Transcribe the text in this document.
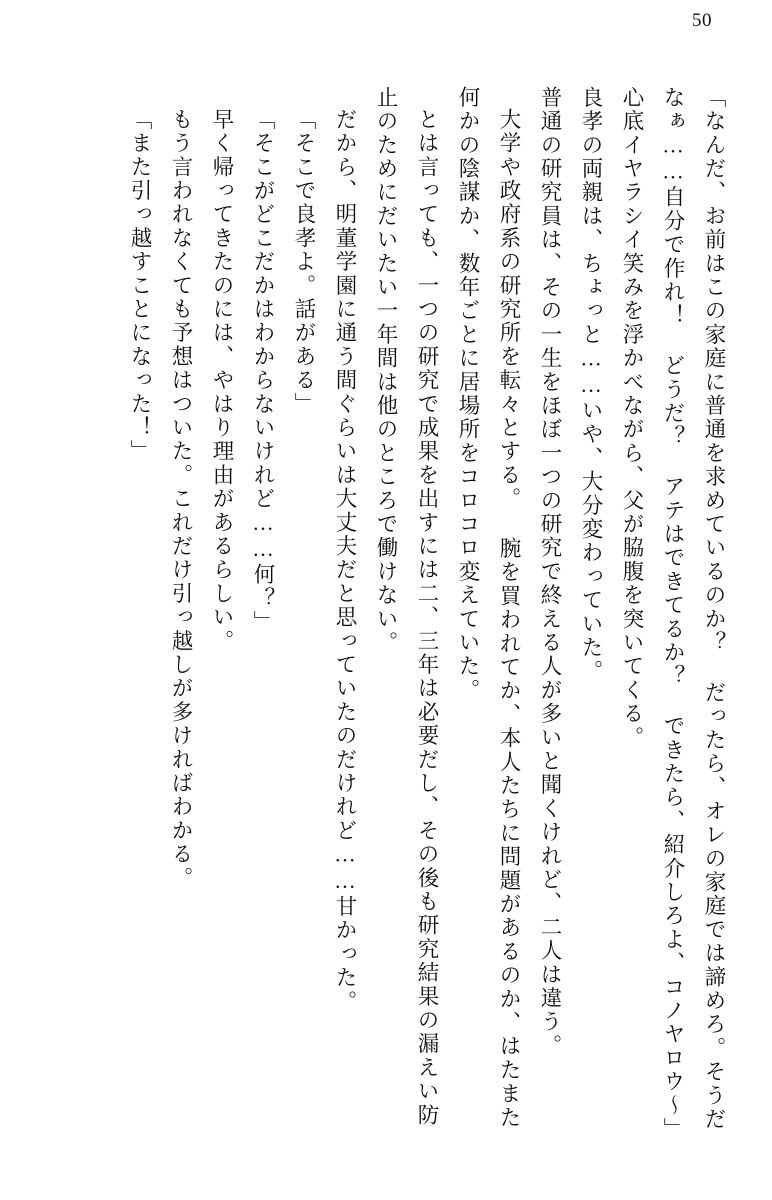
50

「なんだ、お前はこの家庭に普通を求めているのか？ だったら、オレの家庭では諦めろ。そうだなぁ……自分で作れ！ どうだ？ アテはできてるか？ できたら、紹介しろよ、コノヤロウ〜」

心底イヤラシイ笑みを浮かべながら、父が脇腹を突いてくる。

良孝の両親は、ちょっと……いや、大分変わっていた。

普通の研究員は、その一生をほぼ一つの研究で終える人が多いと聞くけれど、二人は違う。

大学や政府系の研究所を転々とする。 腕を買われてか、本人たちに問題があるのか、はたまた何かの陰謀か、数年ごとに居場所をコロコロ変えていた。

とは言っても、一つの研究で成果を出すには二、三年は必要だし、その後も研究結果の漏えい防止のためにだいたい一年間は他のところで働けない。

だから、明董学園に通う間ぐらいは大丈夫だと思っていたのだけれど……甘かった。

「そこで良孝よ。話がある」

「そこがどこだかはわからないけれど……何？」

早く帰ってきたのには、やはり理由があるらしい。

もう言われなくても予想はついた。これだけ引っ越しが多ければわかる。

「また引っ越すことになった！」
